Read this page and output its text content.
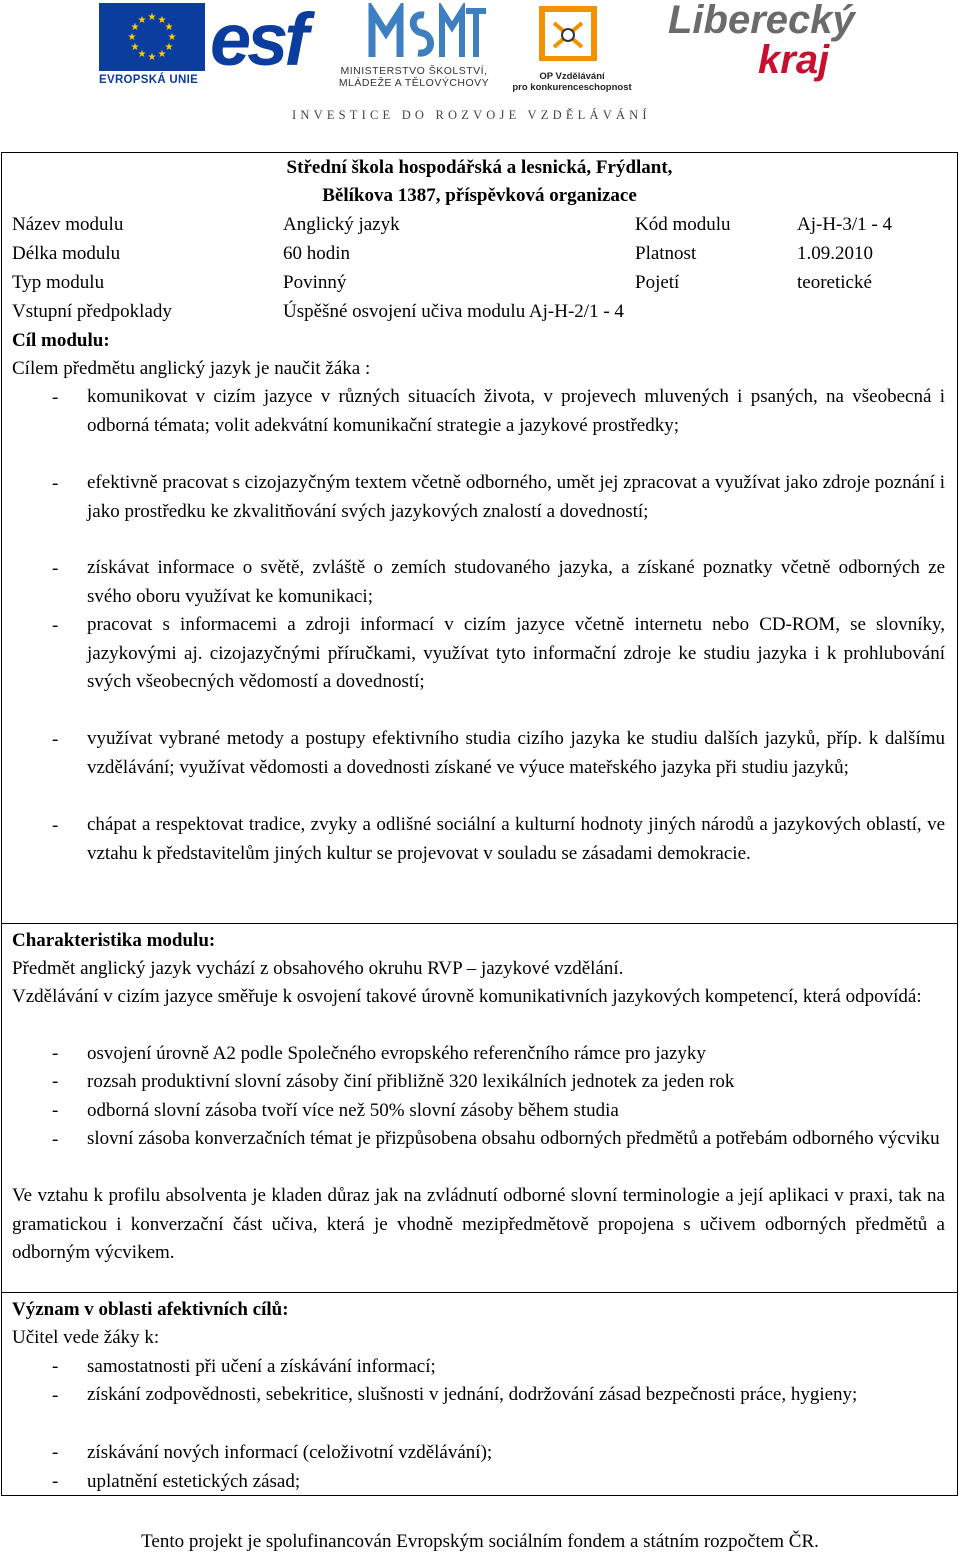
★ ★
★
★
★
★
★
★
★
★
★
★
EVROPSKÁ UNIE esf	MINISTERSTVO ŠKOLSTVÍ,
MLÁDEŽE A TĚLOVÝCHOVY
OP Vzdělávání
pro konkurenceschopnost
Liberecký
kraj
INVESTICE DO ROZVOJE VZDĚLÁVÁNÍ
Střední škola hospodářská a lesnická, Frýdlant,
Bělíkova 1387, příspěvková organizace
Název modulu	Anglický jazyk	Kód modulu	Aj-H-3/1 - 4
Délka modulu	60 hodin	Platnost	1.09.2010
Typ modulu	Povinný	Pojetí	teoretické
Vstupní předpoklady	Úspěšné osvojení učiva modulu Aj-H-2/1 - 4
Cíl modulu:
Cílem předmětu anglický jazyk je naučit žáka :
- komunikovat v cizím jazyce v různých situacích života, v projevech mluvených i psaných, na všeobecná i odborná témata; volit adekvátní komunikační strategie a jazykové prostředky;
- efektivně pracovat s cizojazyčným textem včetně odborného, umět jej zpracovat a využívat jako zdroje poznání i jako prostředku ke zkvalitňování svých jazykových znalostí a dovedností;
- získávat informace o světě, zvláště o zemích studovaného jazyka, a získané poznatky včetně odborných ze svého oboru využívat ke komunikaci;
- pracovat s informacemi a zdroji informací v cizím jazyce včetně internetu nebo CD-ROM, se slovníky, jazykovými aj. cizojazyčnými příručkami, využívat tyto informační zdroje ke studiu jazyka i k prohlubování svých všeobecných vědomostí a dovedností;
- využívat vybrané metody a postupy efektivního studia cizího jazyka ke studiu dalších jazyků, příp. k dalšímu vzdělávání; využívat vědomosti a dovednosti získané ve výuce mateřského jazyka při studiu jazyků;
- chápat a respektovat tradice, zvyky a odlišné sociální a kulturní hodnoty jiných národů a jazykových oblastí, ve vztahu k představitelům jiných kultur se projevovat v souladu se zásadami demokracie.
Charakteristika modulu:
Předmět anglický jazyk vychází z obsahového okruhu RVP – jazykové vzdělání.
Vzdělávání v cizím jazyce směřuje k osvojení takové úrovně komunikativních jazykových kompetencí, která odpovídá:
- osvojení úrovně A2 podle Společného evropského referenčního rámce pro jazyky
- rozsah produktivní slovní zásoby činí přibližně 320 lexikálních jednotek za jeden rok
- odborná slovní zásoba tvoří více než 50% slovní zásoby během studia
- slovní zásoba konverzačních témat je přizpůsobena obsahu odborných předmětů a potřebám odborného výcviku
Ve vztahu k profilu absolventa je kladen důraz jak na zvládnutí odborné slovní terminologie a její aplikaci v praxi, tak na gramatickou i konverzační část učiva, která je vhodně mezipředmětově propojena s učivem odborných předmětů a odborným výcvikem.
Význam v oblasti afektivních cílů:
Učitel vede žáky k:
- samostatnosti při učení a získávání informací;
- získání zodpovědnosti, sebekritice, slušnosti v jednání, dodržování zásad bezpečnosti práce, hygieny;
- získávání nových informací (celoživotní vzdělávání);
- uplatnění estetických zásad;
Tento projekt je spolufinancován Evropským sociálním fondem a státním rozpočtem ČR.
